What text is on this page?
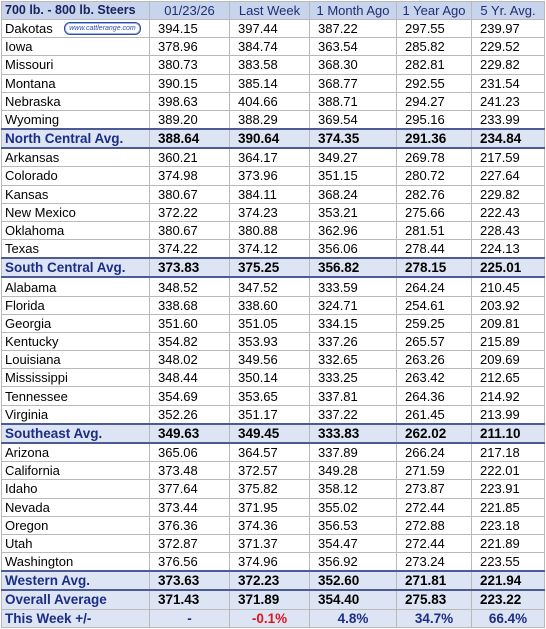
700 lb. - 800 lb. Steers	01/23/26	Last Week	1 Month Ago	1 Year Ago	5 Yr. Avg.
Dakotas www.cattlerange.com	394.15	397.44	387.22	297.55	239.97
Iowa	378.96	384.74	363.54	285.82	229.52
Missouri	380.73	383.58	368.30	282.81	229.82
Montana	390.15	385.14	368.77	292.55	231.54
Nebraska	398.63	404.66	388.71	294.27	241.23
Wyoming	389.20	388.29	369.54	295.16	233.99
North Central Avg.	388.64	390.64	374.35	291.36	234.84
Arkansas	360.21	364.17	349.27	269.78	217.59
Colorado	374.98	373.96	351.15	280.72	227.64
Kansas	380.67	384.11	368.24	282.76	229.82
New Mexico	372.22	374.23	353.21	275.66	222.43
Oklahoma	380.67	380.88	362.96	281.51	228.43
Texas	374.22	374.12	356.06	278.44	224.13
South Central Avg.	373.83	375.25	356.82	278.15	225.01
Alabama	348.52	347.52	333.59	264.24	210.45
Florida	338.68	338.60	324.71	254.61	203.92
Georgia	351.60	351.05	334.15	259.25	209.81
Kentucky	354.82	353.93	337.26	265.57	215.89
Louisiana	348.02	349.56	332.65	263.26	209.69
Mississippi	348.44	350.14	333.25	263.42	212.65
Tennessee	354.69	353.65	337.81	264.36	214.92
Virginia	352.26	351.17	337.22	261.45	213.99
Southeast Avg.	349.63	349.45	333.83	262.02	211.10
Arizona	365.06	364.57	337.89	266.24	217.18
California	373.48	372.57	349.28	271.59	222.01
Idaho	377.64	375.82	358.12	273.87	223.91
Nevada	373.44	371.95	355.02	272.44	221.85
Oregon	376.36	374.36	356.53	272.88	223.18
Utah	372.87	371.37	354.47	272.44	221.89
Washington	376.56	374.96	356.92	273.24	223.55
Western Avg.	373.63	372.23	352.60	271.81	221.94
Overall Average	371.43	371.89	354.40	275.83	223.22
This Week +/-	-	-0.1%	4.8%	34.7%	66.4%
